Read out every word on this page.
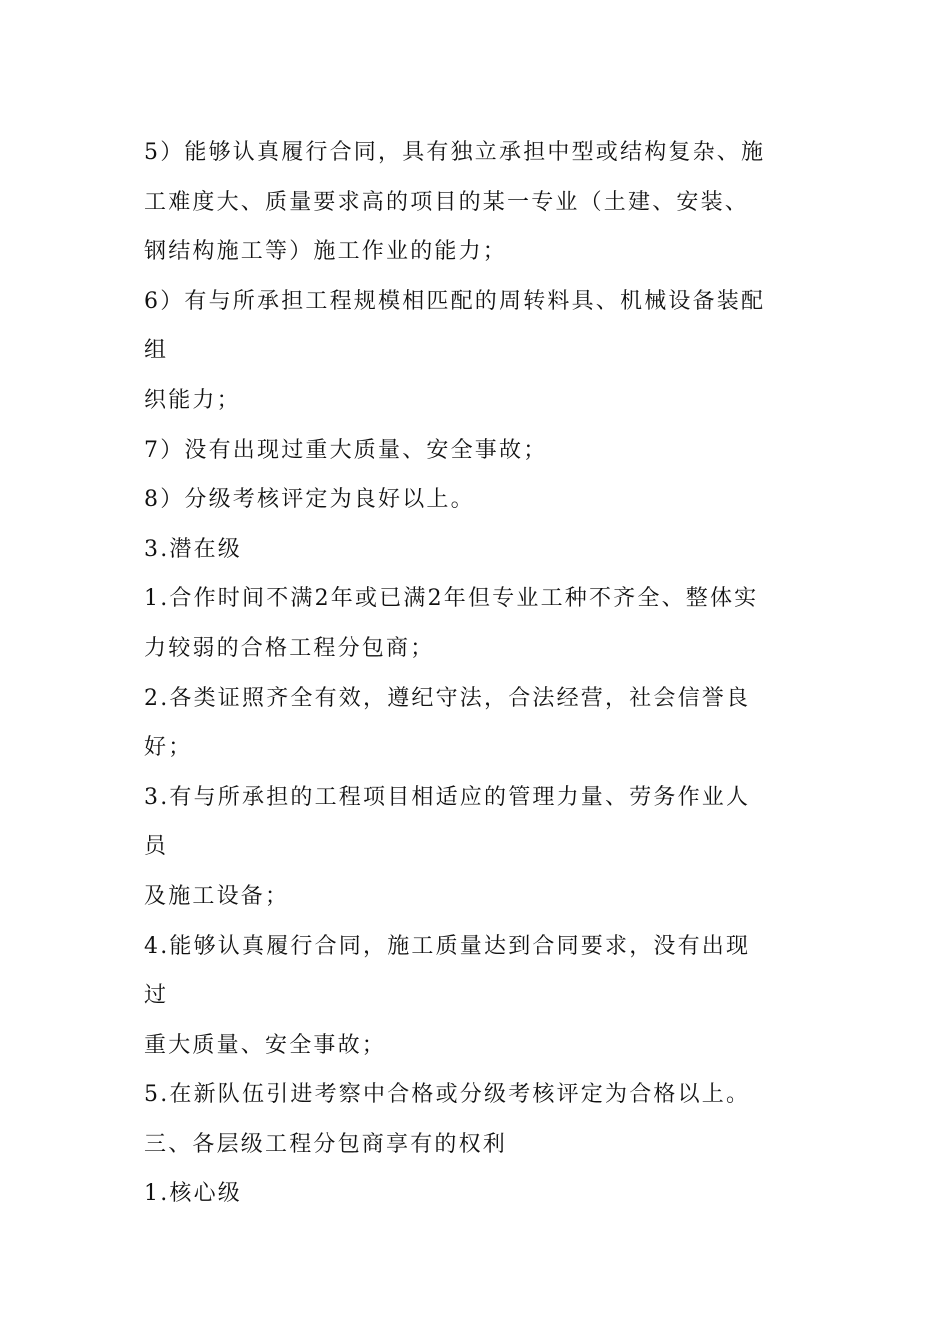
5）能够认真履行合同，具有独立承担中型或结构复杂、施
工难度大、质量要求高的项目的某一专业（土建、安装、
钢结构施工等）施工作业的能力；
6）有与所承担工程规模相匹配的周转料具、机械设备装配
组
织能力；
7）没有出现过重大质量、安全事故；
8）分级考核评定为良好以上。
3.潜在级
1.合作时间不满2年或已满2年但专业工种不齐全、整体实
力较弱的合格工程分包商；
2.各类证照齐全有效，遵纪守法，合法经营，社会信誉良
好；
3.有与所承担的工程项目相适应的管理力量、劳务作业人
员
及施工设备；
4.能够认真履行合同，施工质量达到合同要求，没有出现
过
重大质量、安全事故；
5.在新队伍引进考察中合格或分级考核评定为合格以上。
三、各层级工程分包商享有的权利
1.核心级
